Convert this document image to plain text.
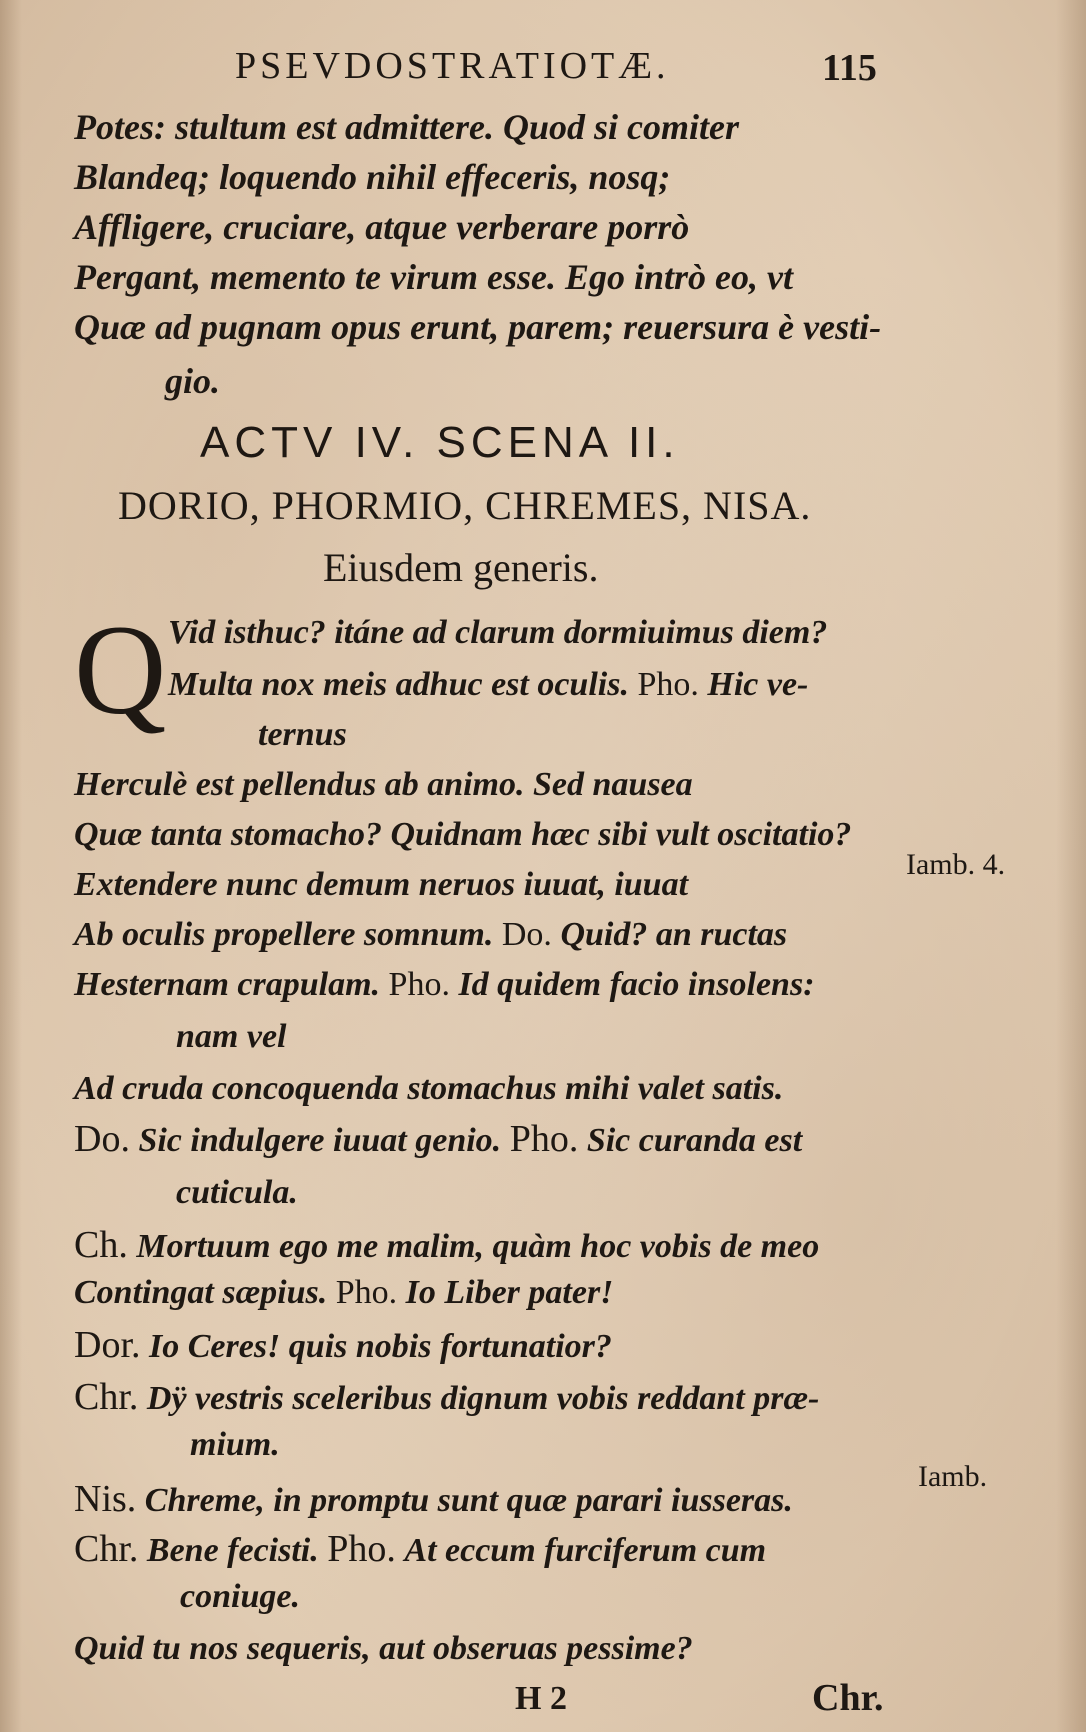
PSEVDOSTRATIOTÆ.	115
Potes: stultum est admittere. Quod si comiter
Blandeq; loquendo nihil effeceris, nosq;
Affligere, cruciare, atque verberare porrò
Pergant, memento te virum esse. Ego intrò eo, vt
Quæ ad pugnam opus erunt, parem; reuersura è vesti-
gio.
ACTV IV. SCENA II.
DORIO, PHORMIO, CHREMES, NISA.
Eiusdem generis.
Q Vid isthuc? itáne ad clarum dormiuimus diem?
Multa nox meis adhuc est oculis. Pho. Hic ve-
ternus
Herculè est pellendus ab animo. Sed nausea
Quæ tanta stomacho? Quidnam hæc sibi vult oscitatio?
Extendere nunc demum neruos iuuat, iuuat
Ab oculis propellere somnum. Do. Quid? an ructas
Hesternam crapulam. Pho. Id quidem facio insolens:
nam vel
Ad cruda concoquenda stomachus mihi valet satis.
Do. Sic indulgere iuuat genio. Pho. Sic curanda est
cuticula.
Ch. Mortuum ego me malim, quàm hoc vobis de meo
Contingat sæpius. Pho. Io Liber pater!
Dor. Io Ceres! quis nobis fortunatior?
Chr. Dÿ vestris sceleribus dignum vobis reddant præ-
mium.
Nis. Chreme, in promptu sunt quæ parari iusseras.
Chr. Bene fecisti. Pho. At eccum furciferum cum
coniuge.
Quid tu nos sequeris, aut obseruas pessime?
Iamb. 4.
Iamb.
H 2	Chr.
